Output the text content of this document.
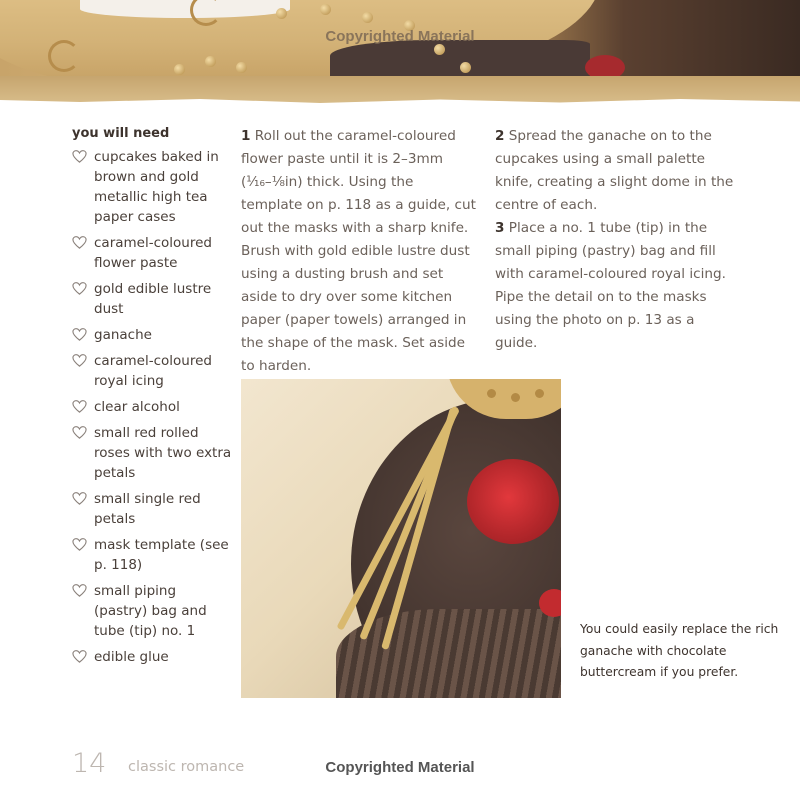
Copyrighted Material
you will need
cupcakes baked in brown and gold metallic high tea paper cases
caramel-coloured flower paste
gold edible lustre dust
ganache
caramel-coloured royal icing
clear alcohol
small red rolled roses with two extra petals
small single red petals
mask template (see p. 118)
small piping (pastry) bag and tube (tip) no. 1
edible glue

1 Roll out the caramel-coloured flower paste until it is 2–3mm (¹⁄₁₆–⅛in) thick. Using the template on p. 118 as a guide, cut out the masks with a sharp knife. Brush with gold edible lustre dust using a dusting brush and set aside to dry over some kitchen paper (paper towels) arranged in the shape of the mask. Set aside to harden.

2 Spread the ganache on to the cupcakes using a small palette knife, creating a slight dome in the centre of each.

3 Place a no. 1 tube (tip) in the small piping (pastry) bag and fill with caramel-coloured royal icing. Pipe the detail on to the masks using the photo on p. 13 as a guide.

You could easily replace the rich ganache with chocolate buttercream if you prefer.
14 classic romance	Copyrighted Material
